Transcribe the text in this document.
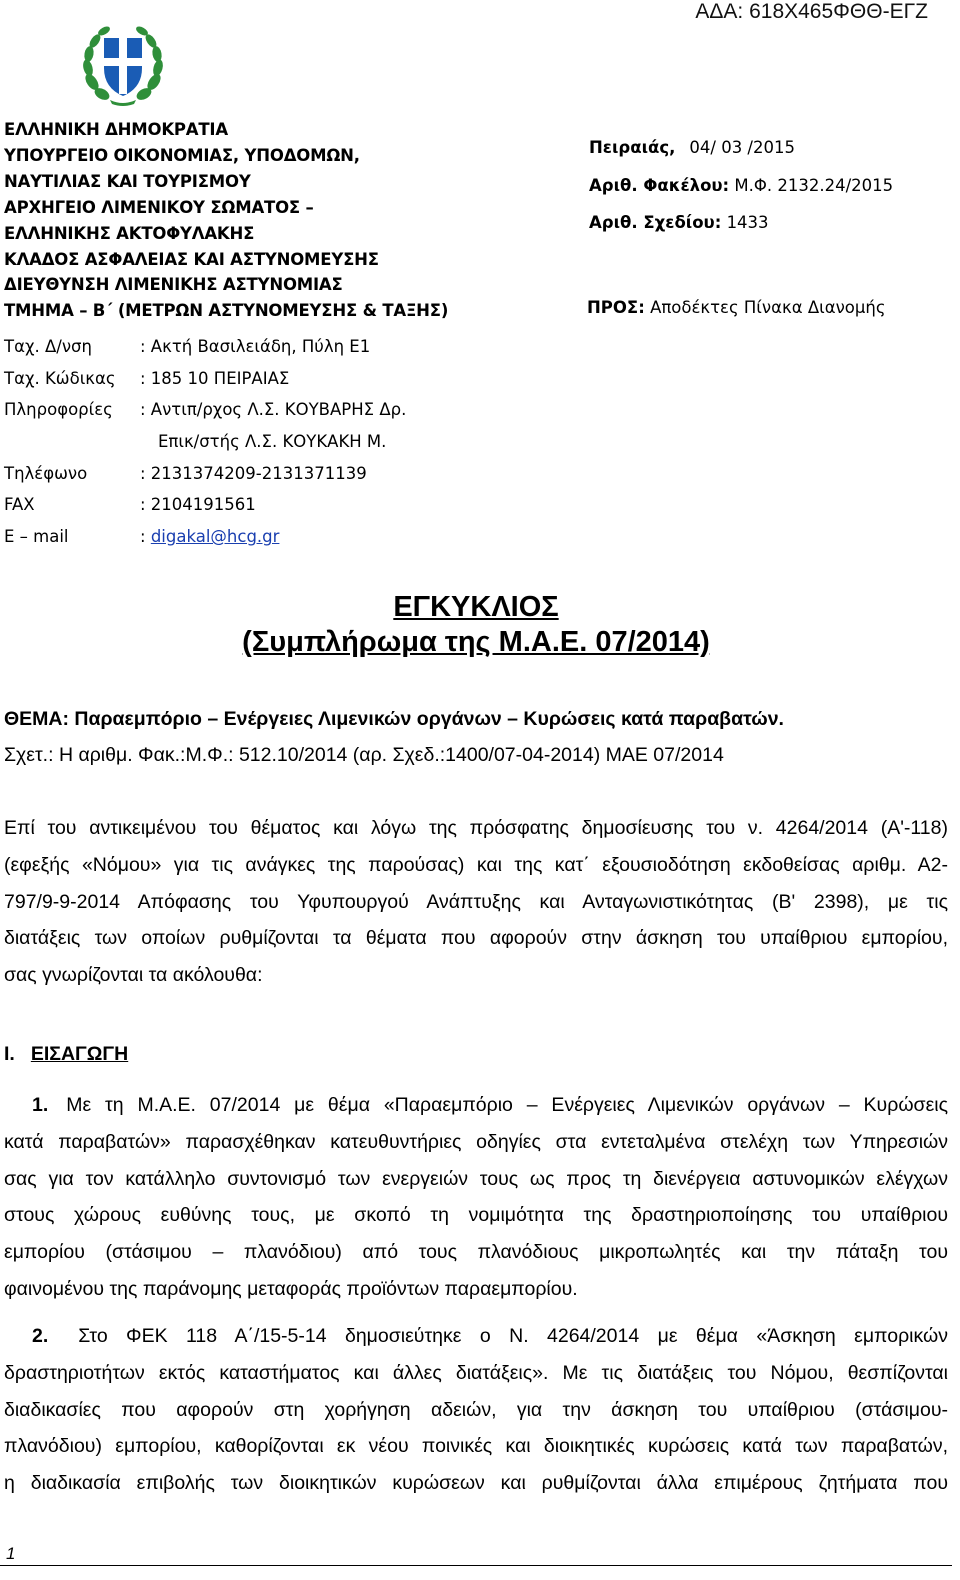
ΑΔΑ: 618Χ465ΦΘΘ-ΕΓΖ
ΕΛΛΗΝΙΚΗ ΔΗΜΟΚΡΑΤΙΑ
ΥΠΟΥΡΓΕΙΟ ΟΙΚΟΝΟΜΙΑΣ, ΥΠΟΔΟΜΩΝ,
ΝΑΥΤΙΛΙΑΣ ΚΑΙ ΤΟΥΡΙΣΜΟΥ
ΑΡΧΗΓΕΙΟ ΛΙΜΕΝΙΚΟΥ ΣΩΜΑΤΟΣ –
ΕΛΛΗΝΙΚΗΣ ΑΚΤΟΦΥΛΑΚΗΣ
ΚΛΑΔΟΣ ΑΣΦΑΛΕΙΑΣ ΚΑΙ ΑΣΤΥΝΟΜΕΥΣΗΣ
ΔΙΕΥΘΥΝΣΗ ΛΙΜΕΝΙΚΗΣ ΑΣΤΥΝΟΜΙΑΣ
ΤΜΗΜΑ – Β΄ (ΜΕΤΡΩΝ ΑΣΤΥΝΟΜΕΥΣΗΣ & ΤΑΞΗΣ)
Πειραιάς, 04/ 03 /2015
Αριθ. Φακέλου: Μ.Φ. 2132.24/2015
Αριθ. Σχεδίου: 1433
ΠΡΟΣ: Αποδέκτες Πίνακα Διανομής
Ταχ. Δ/νση	: Ακτή Βασιλειάδη, Πύλη Ε1
Ταχ. Κώδικας : 185 10 ΠΕΙΡΑΙΑΣ
Πληροφορίες : Αντιπ/ρχος Λ.Σ. ΚΟΥΒΑΡΗΣ Δρ.
Επικ/στής Λ.Σ. ΚΟΥΚΑΚΗ Μ.
Τηλέφωνο	: 2131374209-2131371139
FAX	: 2104191561
E – mail	: digakal@hcg.gr
ΕΓΚΥΚΛΙΟΣ
(Συμπλήρωμα της Μ.Α.Ε. 07/2014)
ΘΕΜΑ: Παραεμπόριο – Ενέργειες Λιμενικών οργάνων – Κυρώσεις κατά παραβατών.
Σχετ.: Η αριθμ. Φακ.:Μ.Φ.: 512.10/2014 (αρ. Σχεδ.:1400/07-04-2014) ΜΑΕ 07/2014
Επί του αντικειμένου του θέματος και λόγω της πρόσφατης δημοσίευσης του ν. 4264/2014 (Α'-118)
(εφεξής «Νόμου» για τις ανάγκες της παρούσας) και της κατ΄ εξουσιοδότηση εκδοθείσας αριθμ. Α2-
797/9-9-2014 Απόφασης του Υφυπουργού Ανάπτυξης και Ανταγωνιστικότητας (Β' 2398), με τις
διατάξεις των οποίων ρυθμίζονται τα θέματα που αφορούν στην άσκηση του υπαίθριου εμπορίου,
σας γνωρίζονται τα ακόλουθα:
I. ΕΙΣΑΓΩΓΗ
1. Με τη Μ.Α.Ε. 07/2014 με θέμα «Παραεμπόριο – Ενέργειες Λιμενικών οργάνων – Κυρώσεις
κατά παραβατών» παρασχέθηκαν κατευθυντήριες οδηγίες στα εντεταλμένα στελέχη των Υπηρεσιών
σας για τον κατάλληλο συντονισμό των ενεργειών τους ως προς τη διενέργεια αστυνομικών ελέγχων
στους χώρους ευθύνης τους, με σκοπό τη νομιμότητα της δραστηριοποίησης του υπαίθριου
εμπορίου (στάσιμου – πλανόδιου) από τους πλανόδιους μικροπωλητές και την πάταξη του
φαινομένου της παράνομης μεταφοράς προϊόντων παραεμπορίου.
2. Στο ΦΕΚ 118 Α΄/15-5-14 δημοσιεύτηκε ο Ν. 4264/2014 με θέμα «Άσκηση εμπορικών
δραστηριοτήτων εκτός καταστήματος και άλλες διατάξεις». Με τις διατάξεις του Νόμου, θεσπίζονται
διαδικασίες που αφορούν στη χορήγηση αδειών, για την άσκηση του υπαίθριου (στάσιμου-
πλανόδιου) εμπορίου, καθορίζονται εκ νέου ποινικές και διοικητικές κυρώσεις κατά των παραβατών,
η διαδικασία επιβολής των διοικητικών κυρώσεων και ρυθμίζονται άλλα επιμέρους ζητήματα που
1
